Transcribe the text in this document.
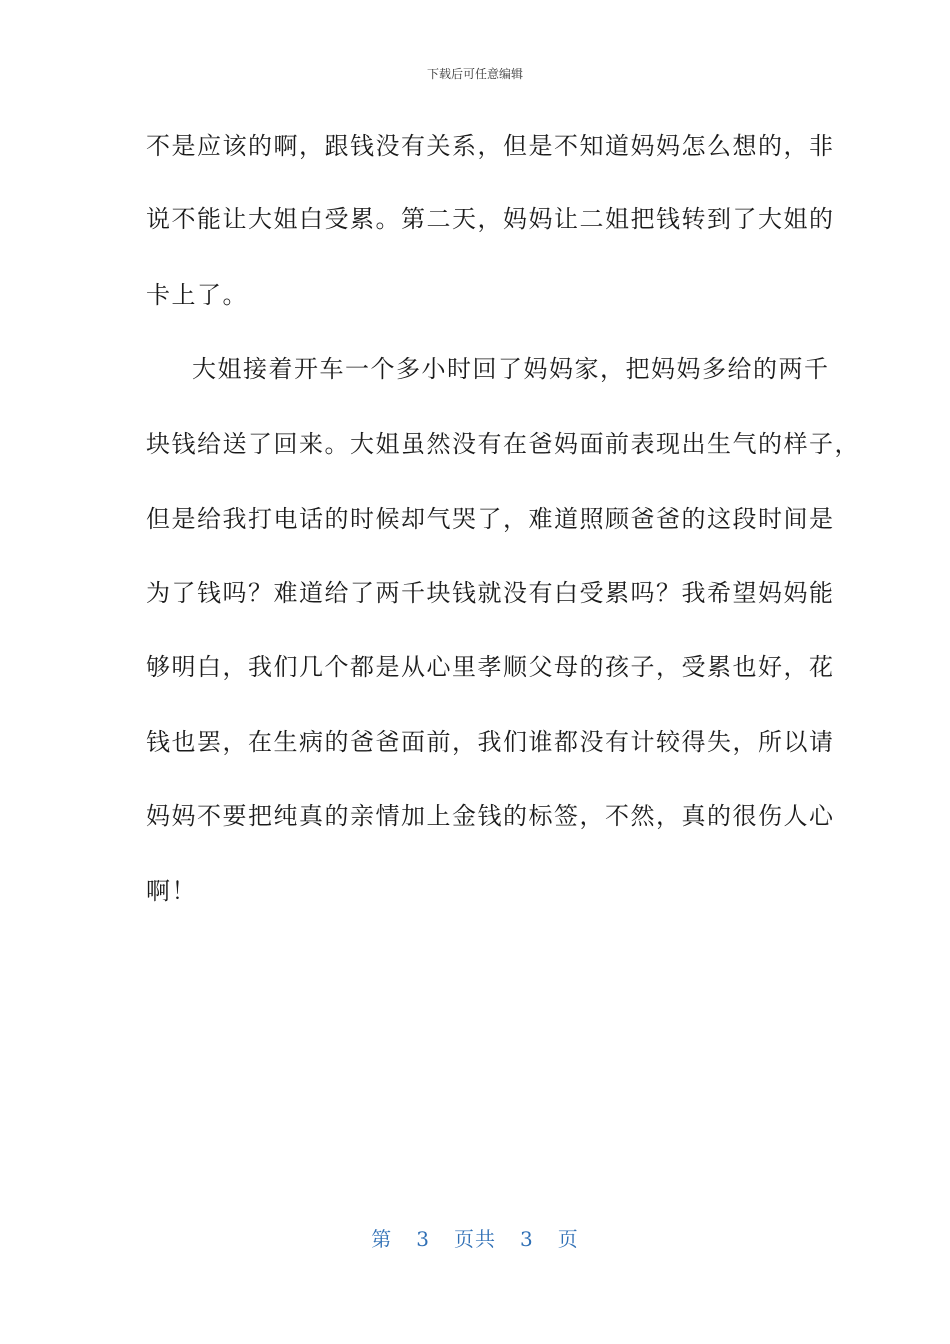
下载后可任意编辑
不是应该的啊，跟钱没有关系，但是不知道妈妈怎么想的，非
说不能让大姐白受累。第二天，妈妈让二姐把钱转到了大姐的
卡上了。
大姐接着开车一个多小时回了妈妈家，把妈妈多给的两千
块钱给送了回来。大姐虽然没有在爸妈面前表现出生气的样子，
但是给我打电话的时候却气哭了，难道照顾爸爸的这段时间是
为了钱吗？难道给了两千块钱就没有白受累吗？我希望妈妈能
够明白，我们几个都是从心里孝顺父母的孩子，受累也好，花
钱也罢，在生病的爸爸面前，我们谁都没有计较得失，所以请
妈妈不要把纯真的亲情加上金钱的标签，不然，真的很伤人心
啊！
第 3 页共 3 页
